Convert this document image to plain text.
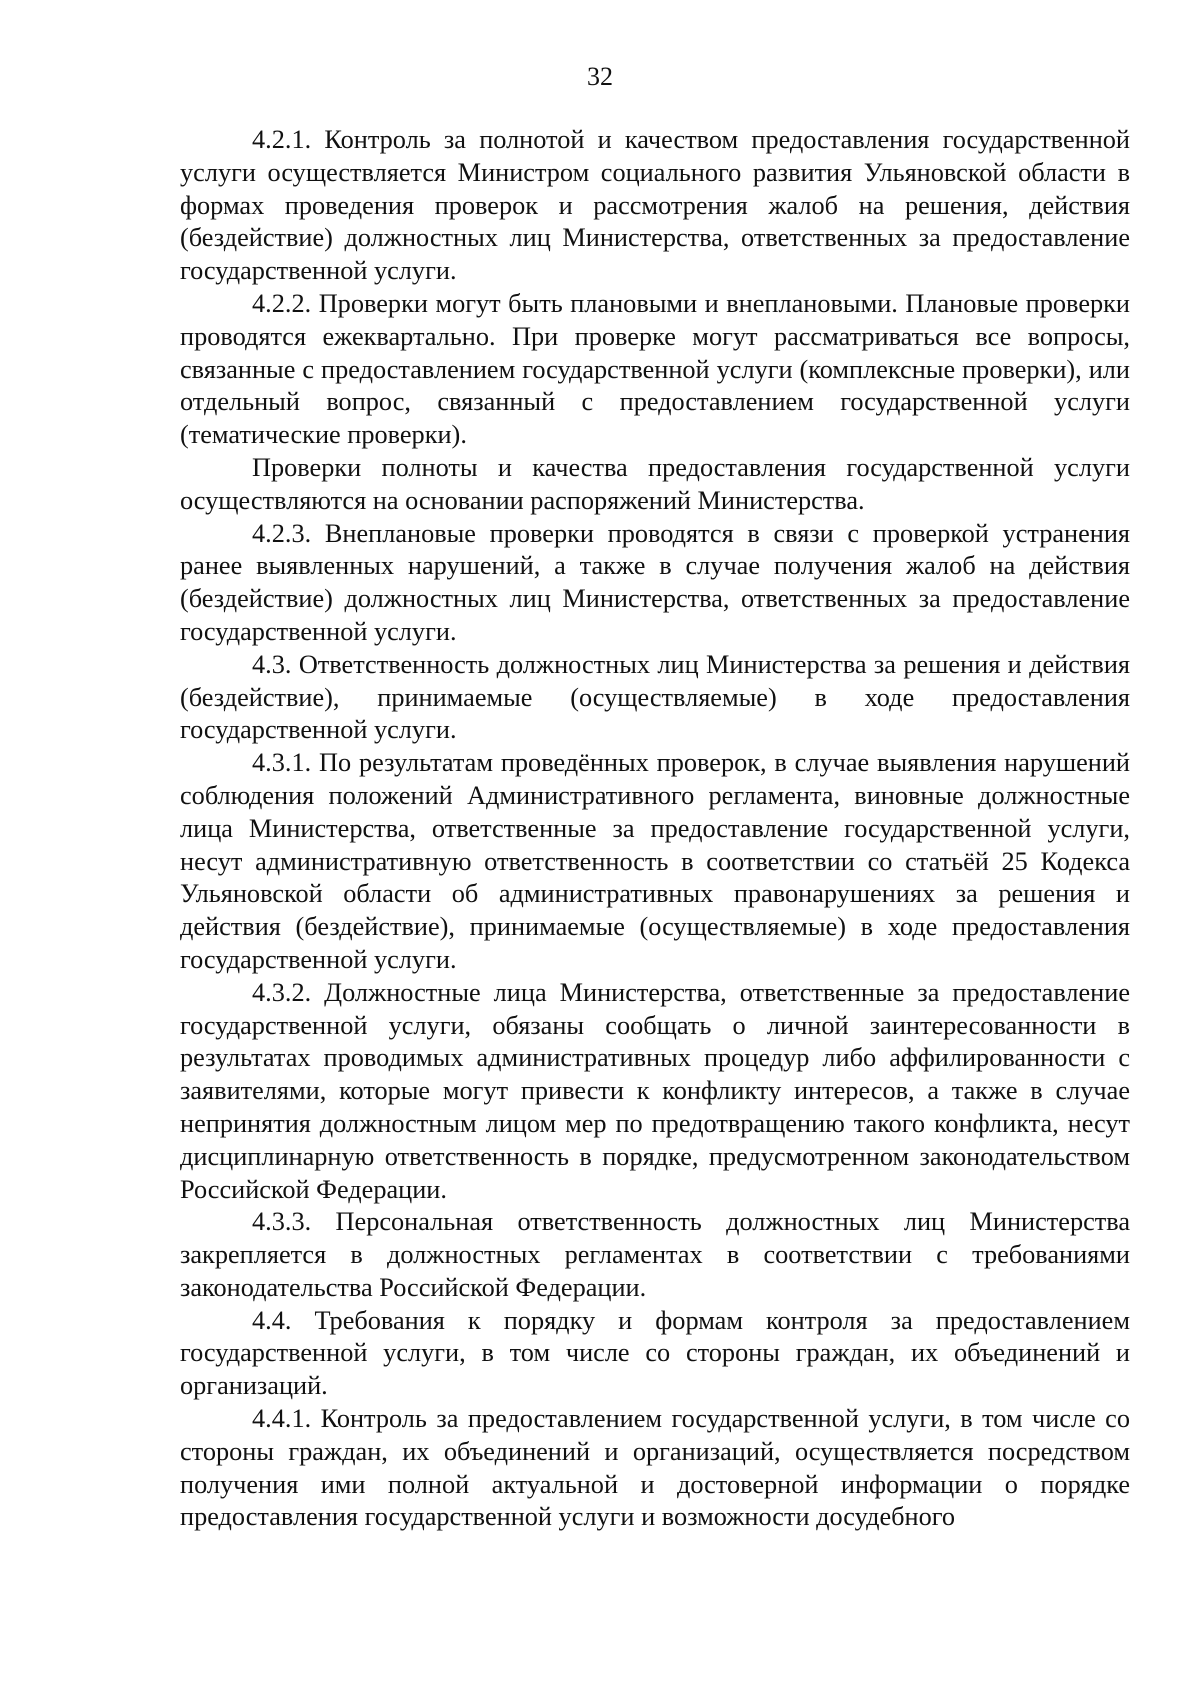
32

4.2.1. Контроль за полнотой и качеством предоставления государственной услуги осуществляется Министром социального развития Ульяновской области в формах проведения проверок и рассмотрения жалоб на решения, действия (бездействие) должностных лиц Министерства, ответственных за предоставление государственной услуги.

4.2.2. Проверки могут быть плановыми и внеплановыми. Плановые проверки проводятся ежеквартально. При проверке могут рассматриваться все вопросы, связанные с предоставлением государственной услуги (комплексные проверки), или отдельный вопрос, связанный с предоставлением государственной услуги (тематические проверки).

Проверки полноты и качества предоставления государственной услуги осуществляются на основании распоряжений Министерства.

4.2.3. Внеплановые проверки проводятся в связи с проверкой устранения ранее выявленных нарушений, а также в случае получения жалоб на действия (бездействие) должностных лиц Министерства, ответственных за предоставление государственной услуги.

4.3. Ответственность должностных лиц Министерства за решения и действия (бездействие), принимаемые (осуществляемые) в ходе предоставления государственной услуги.

4.3.1. По результатам проведённых проверок, в случае выявления нарушений соблюдения положений Административного регламента, виновные должностные лица Министерства, ответственные за предоставление государственной услуги, несут административную ответственность в соответствии со статьёй 25 Кодекса Ульяновской области об административных правонарушениях за решения и действия (бездействие), принимаемые (осуществляемые) в ходе предоставления государственной услуги.

4.3.2. Должностные лица Министерства, ответственные за предоставление государственной услуги, обязаны сообщать о личной заинтересованности в результатах проводимых административных процедур либо аффилированности с заявителями, которые могут привести к конфликту интересов, а также в случае непринятия должностным лицом мер по предотвращению такого конфликта, несут дисциплинарную ответственность в порядке, предусмотренном законодательством Российской Федерации.

4.3.3. Персональная ответственность должностных лиц Министерства закрепляется в должностных регламентах в соответствии с требованиями законодательства Российской Федерации.

4.4. Требования к порядку и формам контроля за предоставлением государственной услуги, в том числе со стороны граждан, их объединений и организаций.

4.4.1. Контроль за предоставлением государственной услуги, в том числе со стороны граждан, их объединений и организаций, осуществляется посредством получения ими полной актуальной и достоверной информации о порядке предоставления государственной услуги и возможности досудебного
